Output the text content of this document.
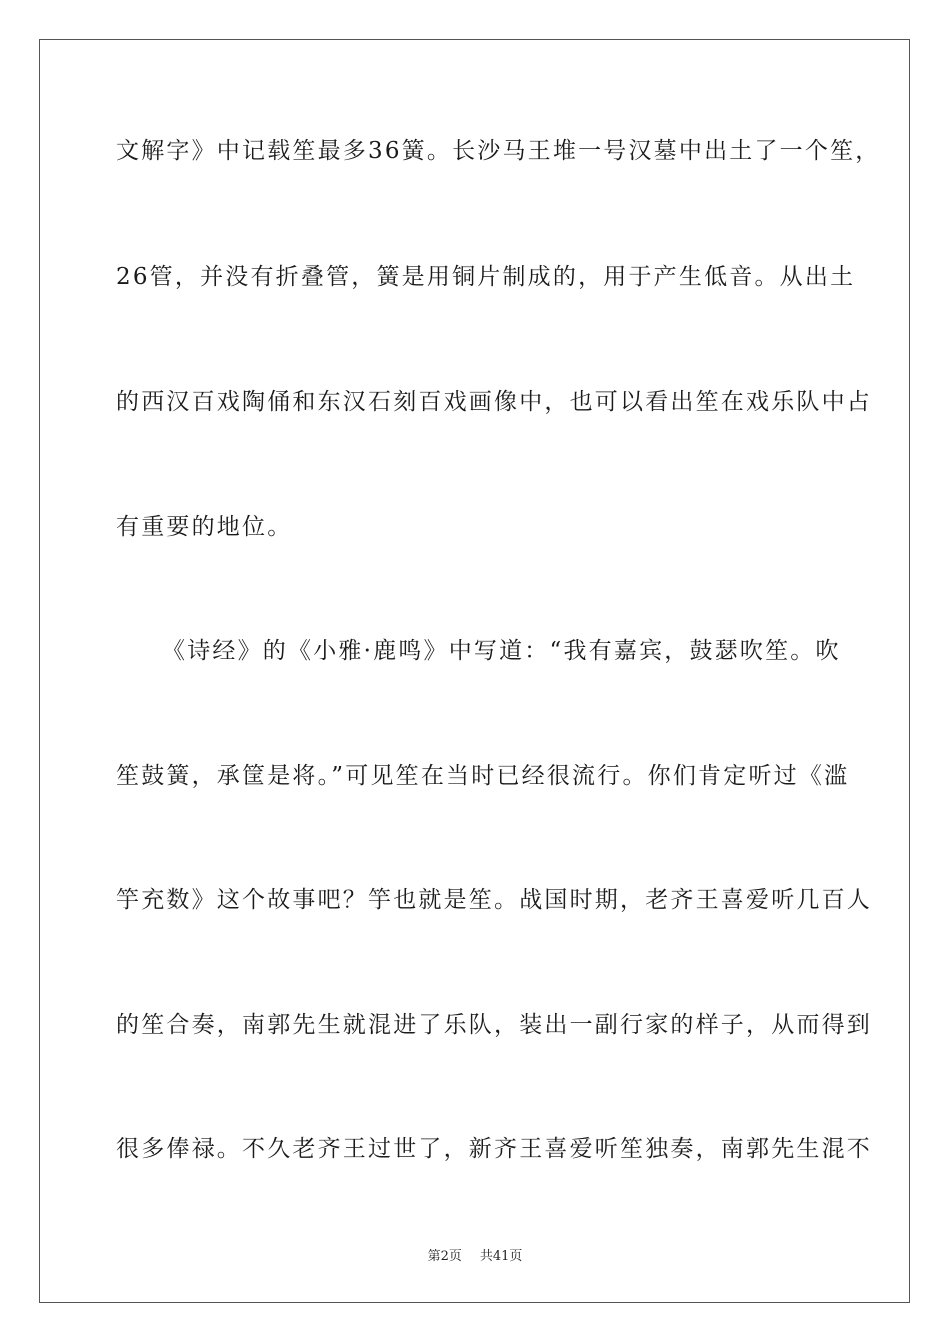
文解字》中记载笙最多36簧。长沙马王堆一号汉墓中出土了一个笙，
26管，并没有折叠管，簧是用铜片制成的，用于产生低音。从出土
的西汉百戏陶俑和东汉石刻百戏画像中，也可以看出笙在戏乐队中占
有重要的地位。
《诗经》的《小雅·鹿鸣》中写道：“我有嘉宾，鼓瑟吹笙。吹
笙鼓簧，承筐是将。”可见笙在当时已经很流行。你们肯定听过《滥
竽充数》这个故事吧？竽也就是笙。战国时期，老齐王喜爱听几百人
的笙合奏，南郭先生就混进了乐队，装出一副行家的样子，从而得到
很多俸禄。不久老齐王过世了，新齐王喜爱听笙独奏，南郭先生混不
第2页 共41页
